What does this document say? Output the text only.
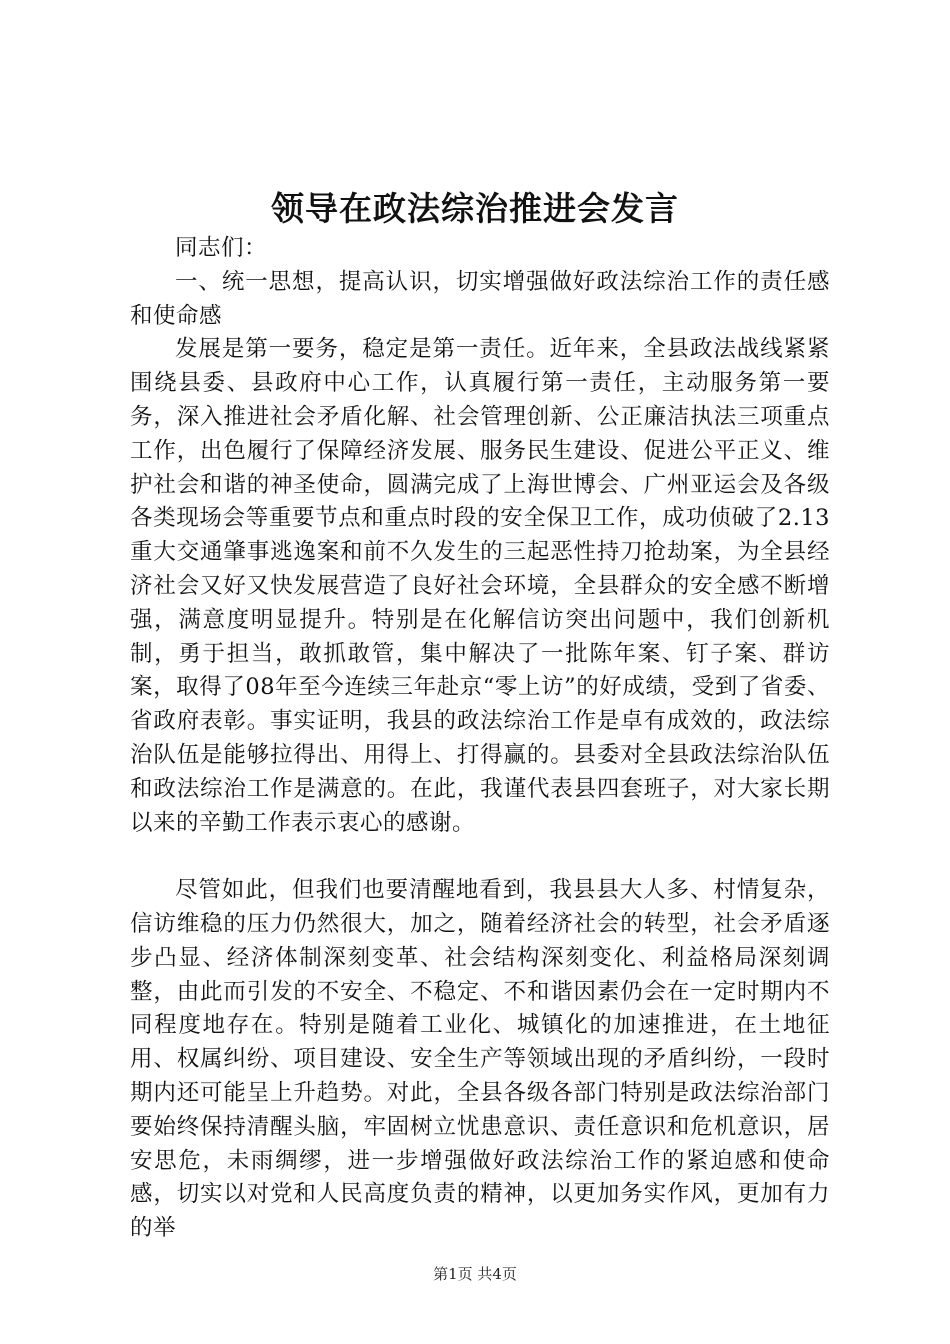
领导在政法综治推进会发言

同志们：

一、统一思想，提高认识，切实增强做好政法综治工作的责任感和使命感

发展是第一要务，稳定是第一责任。近年来，全县政法战线紧紧围绕县委、县政府中心工作，认真履行第一责任，主动服务第一要务，深入推进社会矛盾化解、社会管理创新、公正廉洁执法三项重点工作，出色履行了保障经济发展、服务民生建设、促进公平正义、维护社会和谐的神圣使命，圆满完成了上海世博会、广州亚运会及各级各类现场会等重要节点和重点时段的安全保卫工作，成功侦破了2.13重大交通肇事逃逸案和前不久发生的三起恶性持刀抢劫案，为全县经济社会又好又快发展营造了良好社会环境，全县群众的安全感不断增强，满意度明显提升。特别是在化解信访突出问题中，我们创新机制，勇于担当，敢抓敢管，集中解决了一批陈年案、钉子案、群访案，取得了08年至今连续三年赴京“零上访”的好成绩，受到了省委、省政府表彰。事实证明，我县的政法综治工作是卓有成效的，政法综治队伍是能够拉得出、用得上、打得赢的。县委对全县政法综治队伍和政法综治工作是满意的。在此，我谨代表县四套班子，对大家长期以来的辛勤工作表示衷心的感谢。

尽管如此，但我们也要清醒地看到，我县县大人多、村情复杂，信访维稳的压力仍然很大，加之，随着经济社会的转型，社会矛盾逐步凸显、经济体制深刻变革、社会结构深刻变化、利益格局深刻调整，由此而引发的不安全、不稳定、不和谐因素仍会在一定时期内不同程度地存在。特别是随着工业化、城镇化的加速推进，在土地征用、权属纠纷、项目建设、安全生产等领域出现的矛盾纠纷，一段时期内还可能呈上升趋势。对此，全县各级各部门特别是政法综治部门要始终保持清醒头脑，牢固树立忧患意识、责任意识和危机意识，居安思危，未雨绸缪，进一步增强做好政法综治工作的紧迫感和使命感，切实以对党和人民高度负责的精神，以更加务实作风，更加有力的举

第1页 共4页
